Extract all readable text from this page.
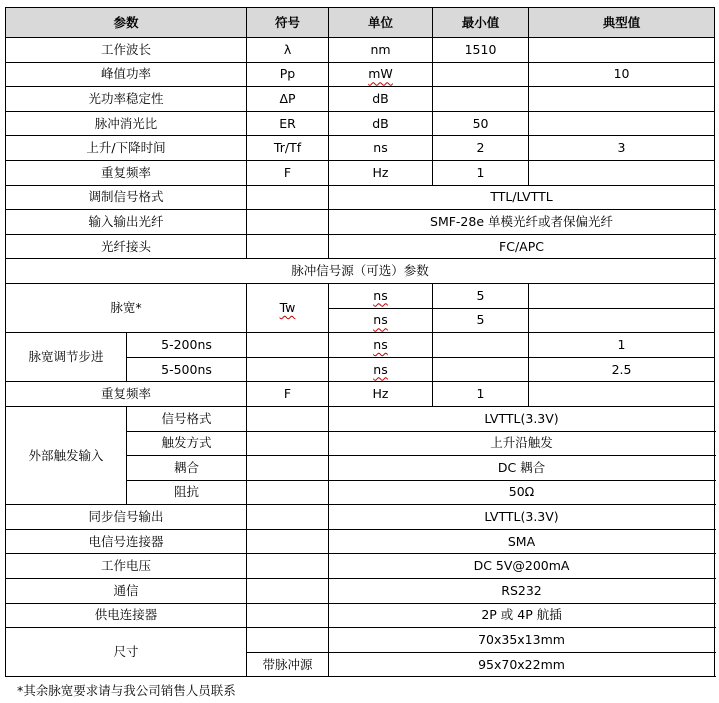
参数		符号	单位	最小值	典型值	
工作波长		λ	nm	1510		
峰值功率		Pp	mW		10	
光功率稳定性		ΔP	dB			
脉冲消光比		ER	dB	50		
上升/下降时间		Tr/Tf	ns	2	3	
重复频率		F	Hz	1		
调制信号格式			TTL/LVTTL			
输入输出光纤			SMF-28e 单模光纤或者保偏光纤			
光纤接头			FC/APC			
脉冲信号源（可选）参数						
脉宽*		Tw	ns	5		
			ns	5		
脉宽调节步进	5-200ns		ns		1	
	5-500ns		ns		2.5	
重复频率		F	Hz	1		
外部触发输入	信号格式		LVTTL(3.3V)			
	触发方式		上升沿触发			
	耦合		DC 耦合			
	阻抗		50Ω			
同步信号输出			LVTTL(3.3V)			
电信号连接器			SMA			
工作电压			DC 5V@200mA			
通信			RS232			
供电连接器			2P 或 4P 航插			
尺寸			70x35x13mm			
		带脉冲源	95x70x22mm			
*其余脉宽要求请与我公司销售人员联系
